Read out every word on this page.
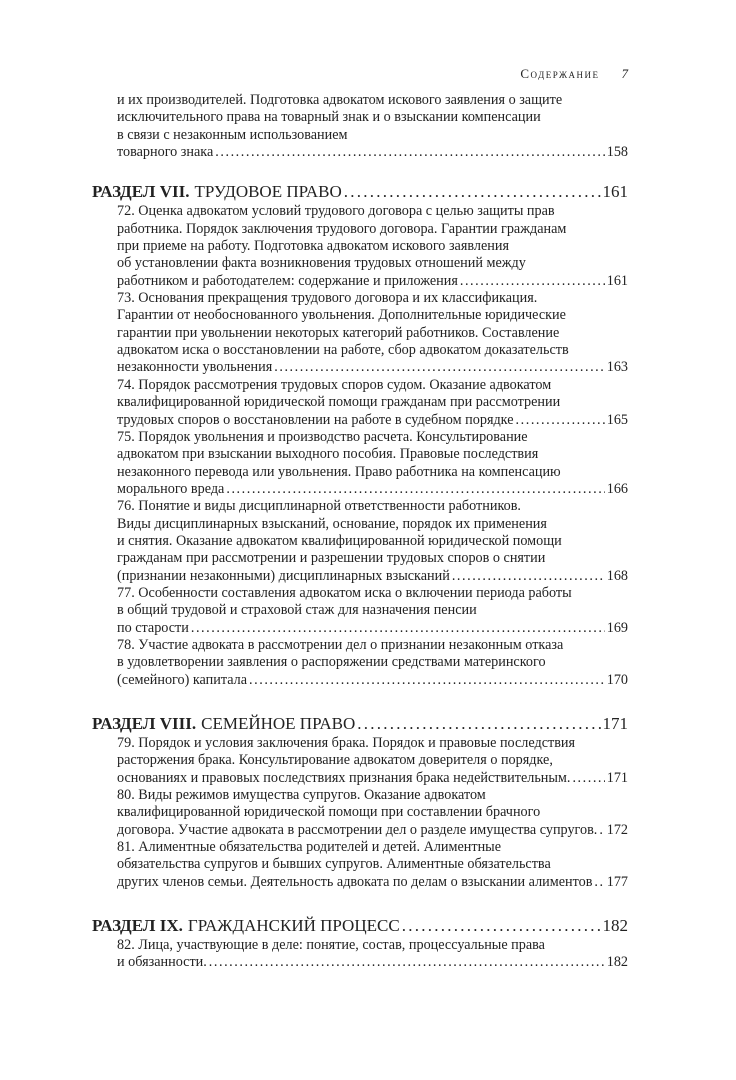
Содержание 7
и их производителей. Подготовка адвокатом искового заявления о защите
исключительного права на товарный знак и о взыскании компенсации
в связи с незаконным использованием
товарного знака . . .	158
РАЗДЕЛ VII. ТРУДОВОЕ ПРАВО . . .	161
72. Оценка адвокатом условий трудового договора с целью защиты прав
работника. Порядок заключения трудового договора. Гарантии гражданам
при приеме на работу. Подготовка адвокатом искового заявления
об установлении факта возникновения трудовых отношений между
работником и работодателем: содержание и приложения . . .	161
73. Основания прекращения трудового договора и их классификация.
Гарантии от необоснованного увольнения. Дополнительные юридические
гарантии при увольнении некоторых категорий работников. Составление
адвокатом иска о восстановлении на работе, сбор адвокатом доказательств
незаконности увольнения . . .	163
74. Порядок рассмотрения трудовых споров судом. Оказание адвокатом
квалифицированной юридической помощи гражданам при рассмотрении
трудовых споров о восстановлении на работе в судебном порядке . . .	165
75. Порядок увольнения и производство расчета. Консультирование
адвокатом при взыскании выходного пособия. Правовые последствия
незаконного перевода или увольнения. Право работника на компенсацию
морального вреда . . .	166
76. Понятие и виды дисциплинарной ответственности работников.
Виды дисциплинарных взысканий, основание, порядок их применения
и снятия. Оказание адвокатом квалифицированной юридической помощи
гражданам при рассмотрении и разрешении трудовых споров о снятии
(признании незаконными) дисциплинарных взысканий . . .	168
77. Особенности составления адвокатом иска о включении периода работы
в общий трудовой и страховой стаж для назначения пенсии
по старости . . .	169
78. Участие адвоката в рассмотрении дел о признании незаконным отказа
в удовлетворении заявления о распоряжении средствами материнского
(семейного) капитала . . .	170
РАЗДЕЛ VIII. СЕМЕЙНОЕ ПРАВО . . .	171
79. Порядок и условия заключения брака. Порядок и правовые последствия
расторжения брака. Консультирование адвокатом доверителя о порядке,
основаниях и правовых последствиях признания брака недействительным. . . .	171
80. Виды режимов имущества супругов. Оказание адвокатом
квалифицированной юридической помощи при составлении брачного
договора. Участие адвоката в рассмотрении дел о разделе имущества супругов. . . . 172
81. Алиментные обязательства родителей и детей. Алиментные
обязательства супругов и бывших супругов. Алиментные обязательства
других членов семьи. Деятельность адвоката по делам о взыскании алиментов . . . 177
РАЗДЕЛ IX. ГРАЖДАНСКИЙ ПРОЦЕСС . . .	182
82. Лица, участвующие в деле: понятие, состав, процессуальные права
и обязанности. . . .	182
